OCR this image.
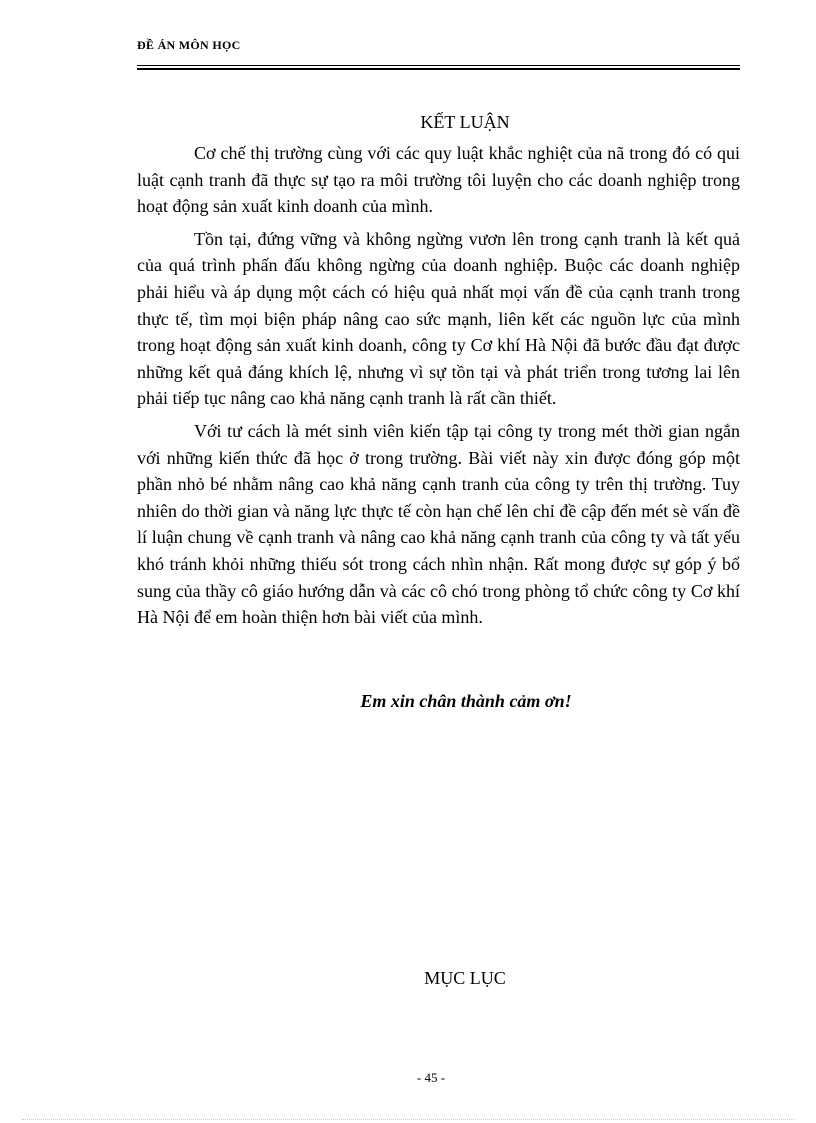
ĐỀ ÁN MÔN HỌC
KẾT LUẬN

Cơ chế thị trường cùng với các quy luật khắc nghiệt của nã trong đó có qui luật cạnh tranh đã thực sự tạo ra môi trường tôi luyện cho các doanh nghiệp trong hoạt động sản xuất kinh doanh của mình.

Tồn tại, đứng vững và không ngừng vươn lên trong cạnh tranh là kết quả của quá trình phấn đấu không ngừng của doanh nghiệp. Buộc các doanh nghiệp phải hiểu và áp dụng một cách có hiệu quả nhất mọi vấn đề của cạnh tranh trong thực tế, tìm mọi biện pháp nâng cao sức mạnh, liên kết các nguồn lực của mình trong hoạt động sản xuất kinh doanh, công ty Cơ khí Hà Nội đã bước đầu đạt được những kết quả đáng khích lệ, nhưng vì sự tồn tại và phát triển trong tương lai lên phải tiếp tục nâng cao khả năng cạnh tranh là rất cần thiết.

Với tư cách là mét sinh viên kiến tập tại công ty trong mét thời gian ngắn với những kiến thức đã học ở trong trường. Bài viết này xin được đóng góp một phần nhỏ bé nhằm nâng cao khả năng cạnh tranh của công ty trên thị trường. Tuy nhiên do thời gian và năng lực thực tế còn hạn chế lên chỉ đề cập đến mét sè vấn đề lí luận chung về cạnh tranh và nâng cao khả năng cạnh tranh của công ty và tất yếu khó tránh khỏi những thiếu sót trong cách nhìn nhận. Rất mong được sự góp ý bổ sung của thầy cô giáo hướng dẫn và các cô chó trong phòng tổ chức công ty Cơ khí Hà Nội để em hoàn thiện hơn bài viết của mình.

Em xin chân thành cảm ơn!
MỤC LỤC
- 45 -
